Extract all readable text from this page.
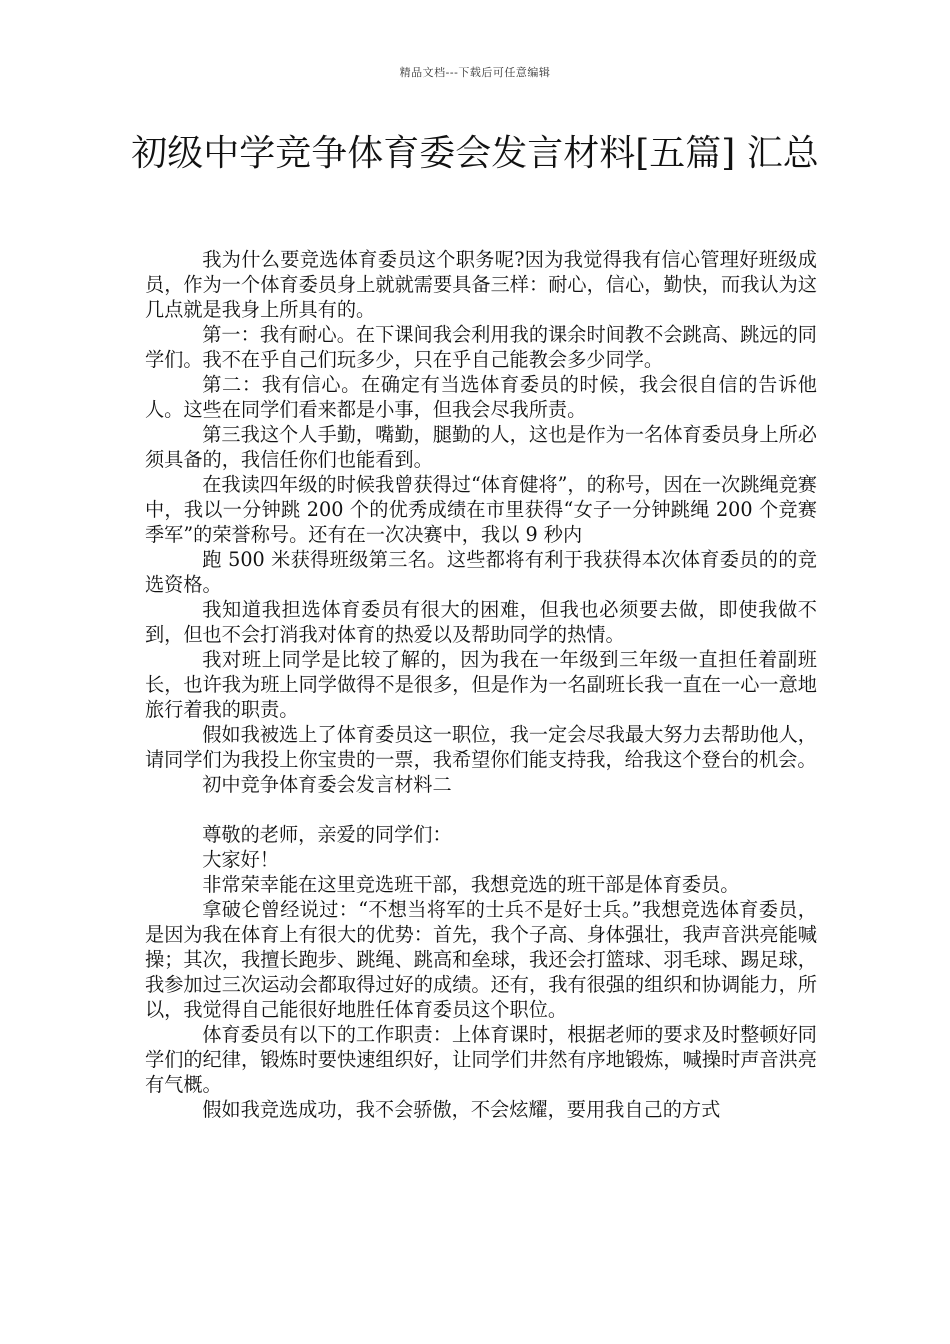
精品文档---下载后可任意编辑
初级中学竞争体育委会发言材料[五篇] 汇总

我为什么要竞选体育委员这个职务呢?因为我觉得我有信心管理好班级成员，作为一个体育委员身上就就需要具备三样：耐心，信心，勤快，而我认为这几点就是我身上所具有的。

第一：我有耐心。在下课间我会利用我的课余时间教不会跳高、跳远的同学们。我不在乎自己们玩多少，只在乎自己能教会多少同学。

第二：我有信心。在确定有当选体育委员的时候，我会很自信的告诉他人。这些在同学们看来都是小事，但我会尽我所责。

第三我这个人手勤，嘴勤，腿勤的人，这也是作为一名体育委员身上所必须具备的，我信任你们也能看到。

在我读四年级的时候我曾获得过“体育健将”，的称号，因在一次跳绳竞赛中，我以一分钟跳 200 个的优秀成绩在市里获得“女子一分钟跳绳 200 个竞赛季军”的荣誉称号。还有在一次决赛中，我以 9 秒内

跑 500 米获得班级第三名。这些都将有利于我获得本次体育委员的的竞选资格。

我知道我担选体育委员有很大的困难，但我也必须要去做，即使我做不到，但也不会打消我对体育的热爱以及帮助同学的热情。

我对班上同学是比较了解的，因为我在一年级到三年级一直担任着副班长，也许我为班上同学做得不是很多，但是作为一名副班长我一直在一心一意地旅行着我的职责。

假如我被选上了体育委员这一职位，我一定会尽我最大努力去帮助他人，请同学们为我投上你宝贵的一票，我希望你们能支持我，给我这个登台的机会。

初中竞争体育委会发言材料二

尊敬的老师，亲爱的同学们：

大家好！

非常荣幸能在这里竞选班干部，我想竞选的班干部是体育委员。

拿破仑曾经说过：“不想当将军的士兵不是好士兵。”我想竞选体育委员，是因为我在体育上有很大的优势：首先，我个子高、身体强壮，我声音洪亮能喊操；其次，我擅长跑步、跳绳、跳高和垒球，我还会打篮球、羽毛球、踢足球，我参加过三次运动会都取得过好的成绩。还有，我有很强的组织和协调能力，所以，我觉得自己能很好地胜任体育委员这个职位。

体育委员有以下的工作职责：上体育课时，根据老师的要求及时整顿好同学们的纪律，锻炼时要快速组织好，让同学们井然有序地锻炼，喊操时声音洪亮有气概。

假如我竞选成功，我不会骄傲，不会炫耀，要用我自己的方式
